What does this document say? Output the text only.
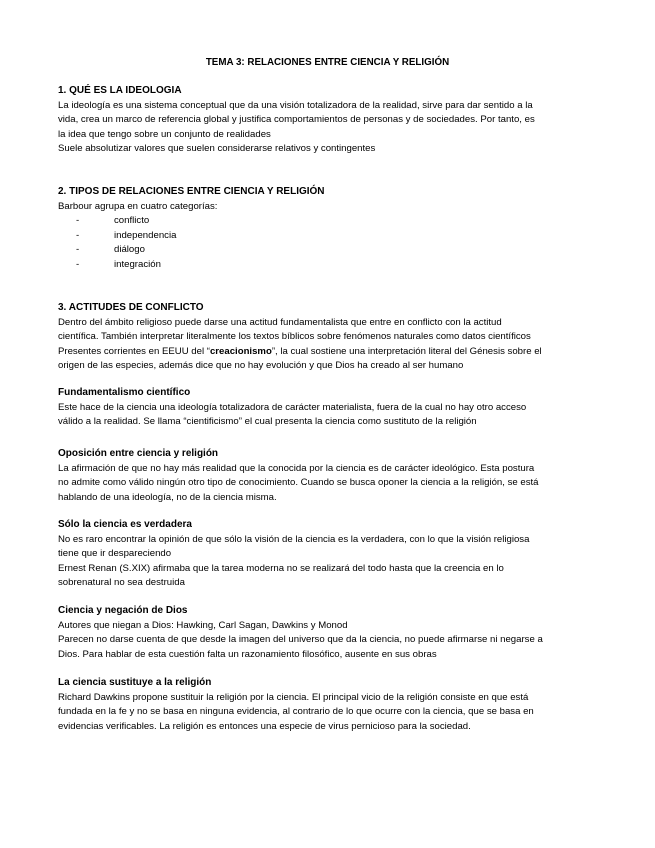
TEMA 3: RELACIONES ENTRE CIENCIA Y RELIGIÓN

1. QUÉ ES LA IDEOLOGIA

La ideología es una sistema conceptual que da una visión totalizadora de la realidad, sirve para dar sentido a la

vida, crea un marco de referencia global y justifica comportamientos de personas y de sociedades. Por tanto, es

la idea que tengo sobre un conjunto de realidades

Suele absolutizar valores que suelen considerarse relativos y contingentes

2. TIPOS DE RELACIONES ENTRE CIENCIA Y RELIGIÓN

Barbour agrupa en cuatro categorías:

-	conflicto
-	independencia
-	diálogo
-	integración

3. ACTITUDES DE CONFLICTO

Dentro del ámbito religioso puede darse una actitud fundamentalista que entre en conflicto con la actitud

científica. También interpretar literalmente los textos bíblicos sobre fenómenos naturales como datos científicos

Presentes corrientes en EEUU del “creacionismo”, la cual sostiene una interpretación literal del Génesis sobre el

origen de las especies, además dice que no hay evolución y que Dios ha creado al ser humano

Fundamentalismo científico

Este hace de la ciencia una ideología totalizadora de carácter materialista, fuera de la cual no hay otro acceso

válido a la realidad. Se llama “cientificismo” el cual presenta la ciencia como sustituto de la religión

Oposición entre ciencia y religión

La afirmación de que no hay más realidad que la conocida por la ciencia es de carácter ideológico. Esta postura

no admite como válido ningún otro tipo de conocimiento. Cuando se busca oponer la ciencia a la religión, se está

hablando de una ideología, no de la ciencia misma.

Sólo la ciencia es verdadera

No es raro encontrar la opinión de que sólo la visión de la ciencia es la verdadera, con lo que la visión religiosa

tiene que ir despareciendo

Ernest Renan (S.XIX) afirmaba que la tarea moderna no se realizará del todo hasta que la creencia en lo

sobrenatural no sea destruida

Ciencia y negación de Dios

Autores que niegan a Dios: Hawking, Carl Sagan, Dawkins y Monod

Parecen no darse cuenta de que desde la imagen del universo que da la ciencia, no puede afirmarse ni negarse a

Dios. Para hablar de esta cuestión falta un razonamiento filosófico, ausente en sus obras

La ciencia sustituye a la religión

Richard Dawkins propone sustituir la religión por la ciencia. El principal vicio de la religión consiste en que está

fundada en la fe y no se basa en ninguna evidencia, al contrario de lo que ocurre con la ciencia, que se basa en

evidencias verificables. La religión es entonces una especie de virus pernicioso para la sociedad.
